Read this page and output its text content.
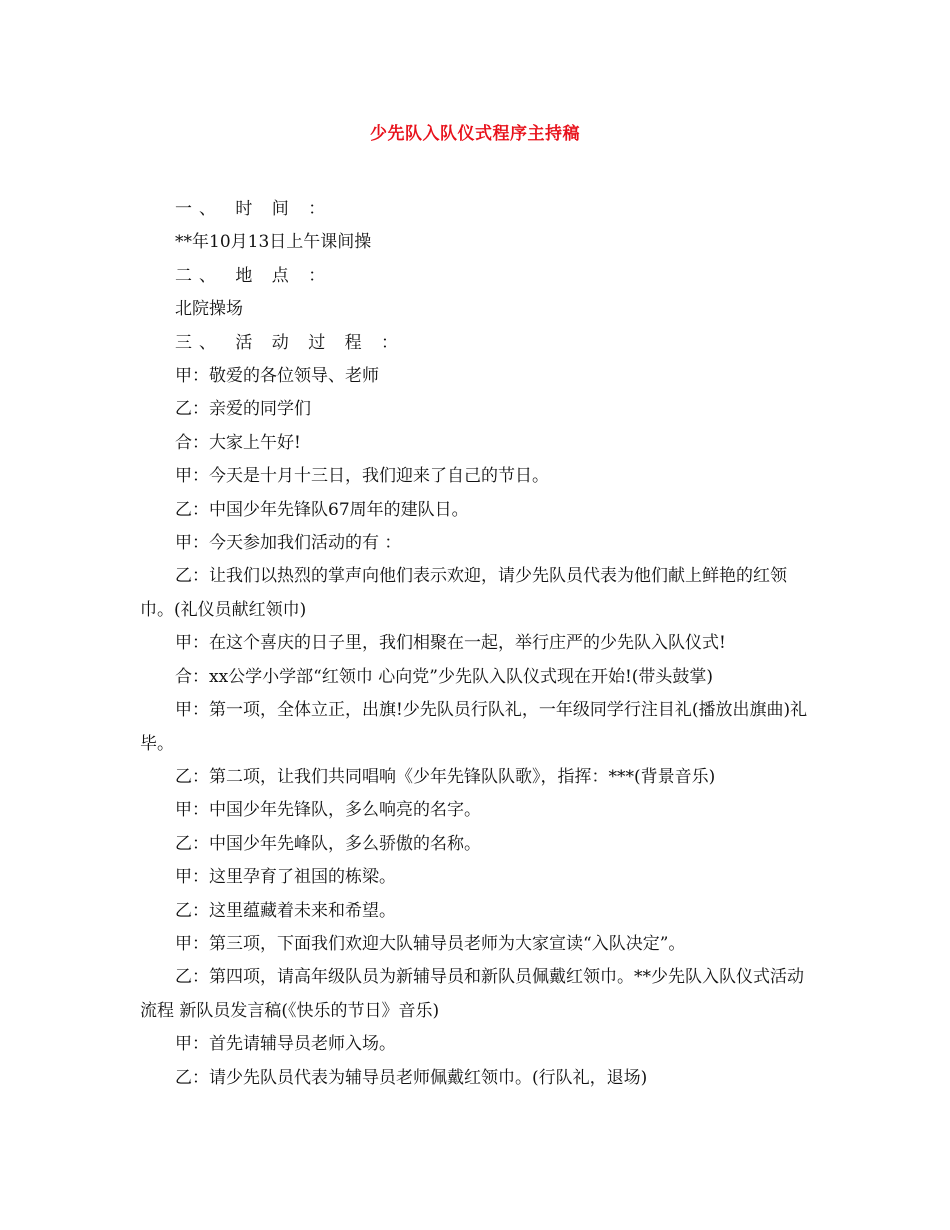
少先队入队仪式程序主持稿

一、 时 间 ：

**年10月13日上午课间操

二、 地 点 ：

北院操场

三、 活 动 过 程 ：

甲：敬爱的各位领导、老师

乙：亲爱的同学们

合：大家上午好!

甲：今天是十月十三日，我们迎来了自己的节日。

乙：中国少年先锋队67周年的建队日。

甲：今天参加我们活动的有 ：

乙：让我们以热烈的掌声向他们表示欢迎，请少先队员代表为他们献上鲜艳的红领巾。(礼仪员献红领巾)

甲：在这个喜庆的日子里，我们相聚在一起，举行庄严的少先队入队仪式!

合：xx公学小学部“红领巾 心向党”少先队入队仪式现在开始!(带头鼓掌)

甲：第一项，全体立正，出旗!少先队员行队礼，一年级同学行注目礼(播放出旗曲)礼毕。

乙：第二项，让我们共同唱响《少年先锋队队歌》，指挥：***(背景音乐)

甲：中国少年先锋队，多么响亮的名字。

乙：中国少年先峰队，多么骄傲的名称。

甲：这里孕育了祖国的栋梁。

乙：这里蕴藏着未来和希望。

甲：第三项，下面我们欢迎大队辅导员老师为大家宣读“入队决定”。

乙：第四项，请高年级队员为新辅导员和新队员佩戴红领巾。**少先队入队仪式活动流程 新队员发言稿(《快乐的节日》音乐)

甲：首先请辅导员老师入场。

乙：请少先队员代表为辅导员老师佩戴红领巾。(行队礼，退场)
